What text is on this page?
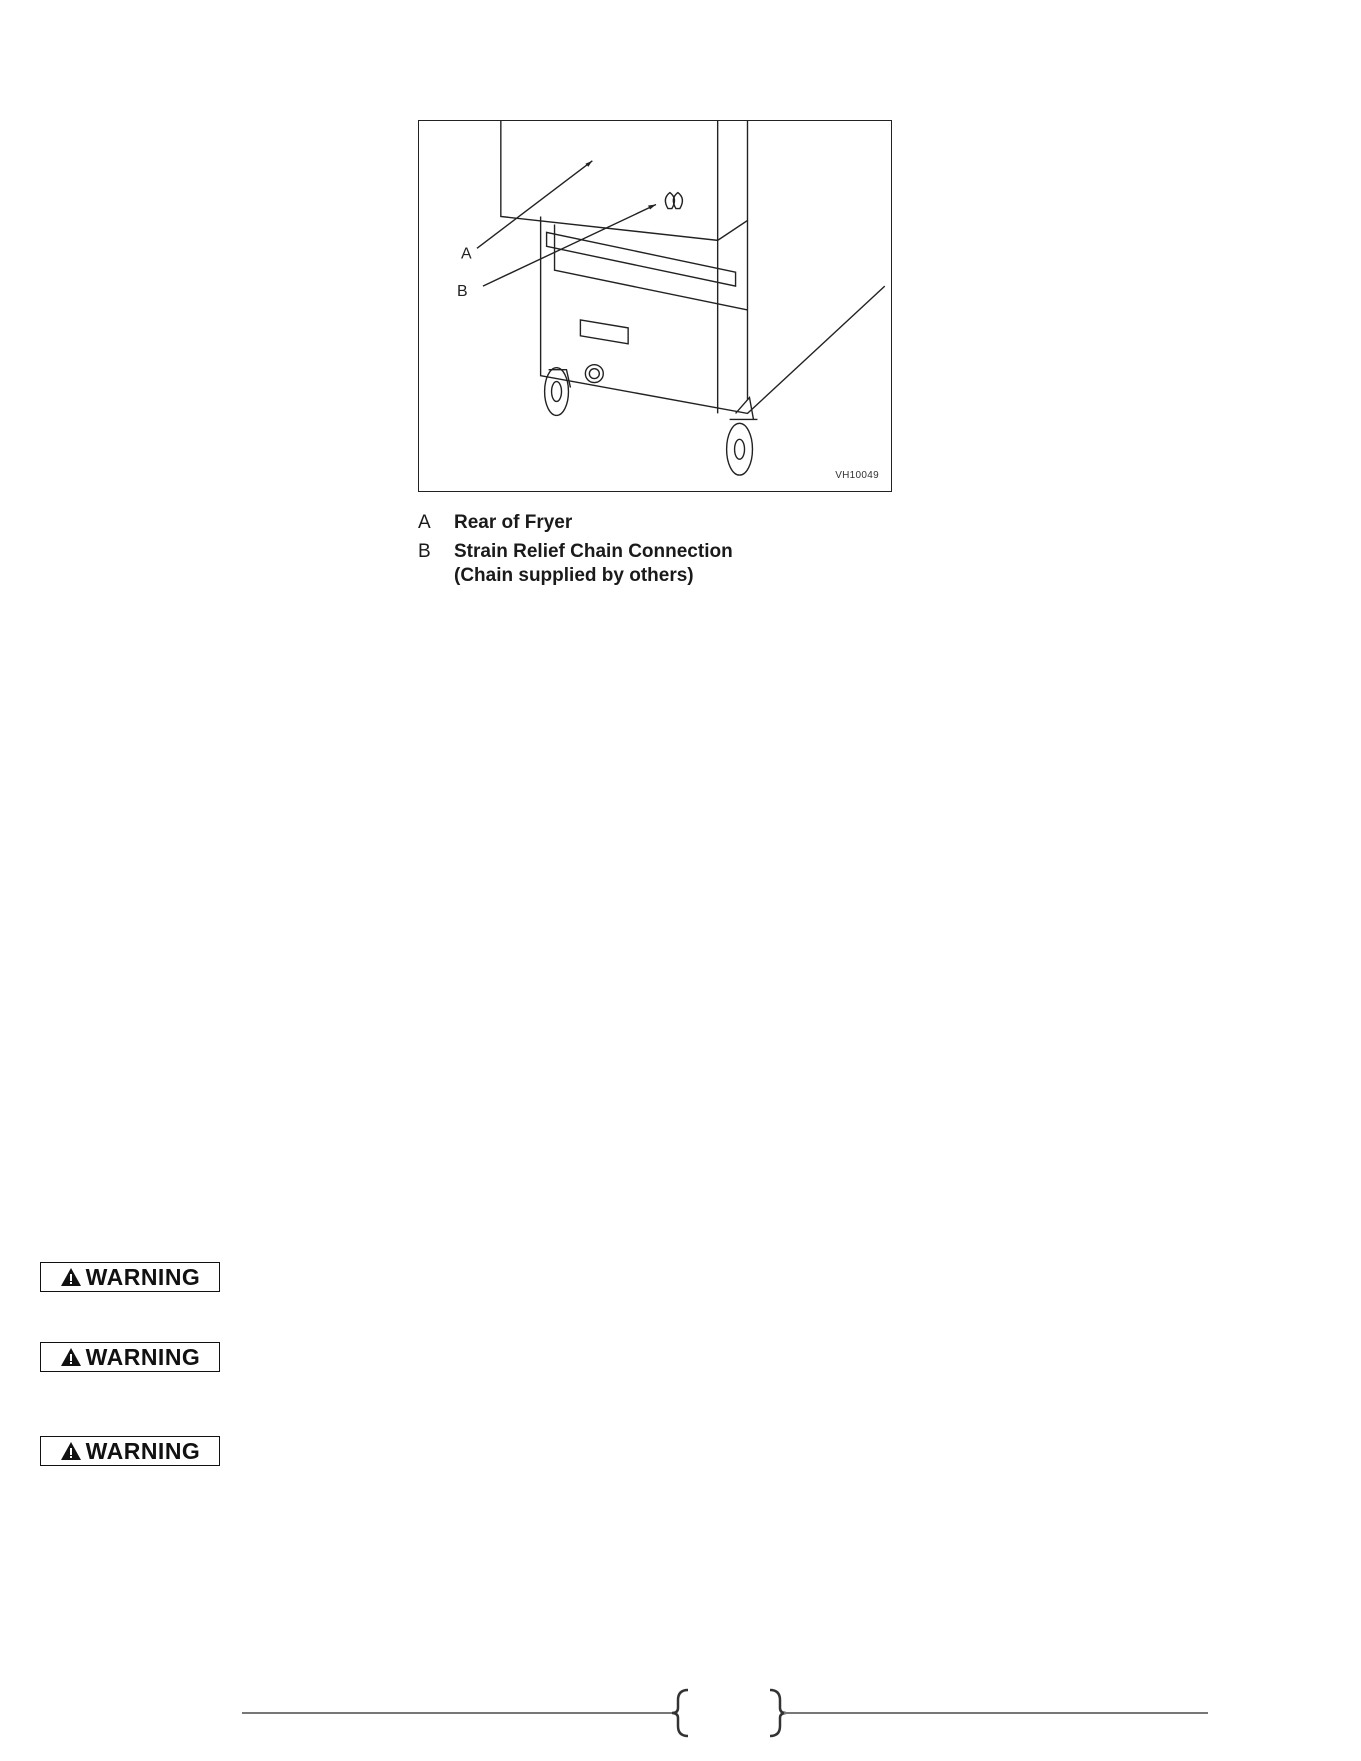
A
B
VH10049
A Rear of Fryer
B Strain Relief Chain Connection
(Chain supplied by others)
WARNING
WARNING
WARNING
